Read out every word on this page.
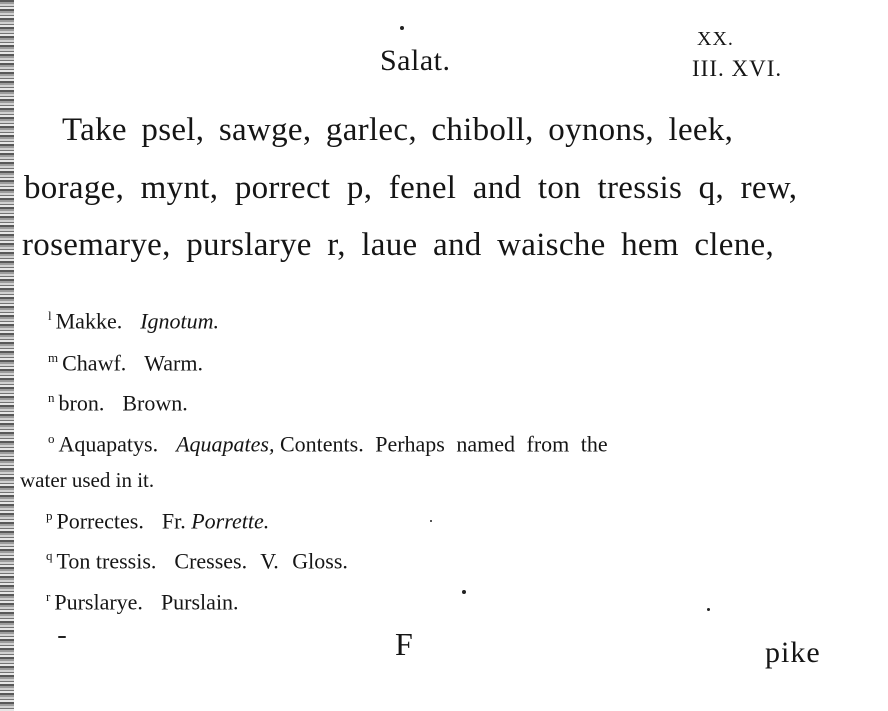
Salat.
XX.
III. XVI.
Take psel, sawge, garlec, chiboll, oynons, leek,
borage, mynt, porrect p, fenel and ton tressis q, rew,
rosemarye, purslarye r, laue and waische hem clene,
$^l$ Makke. Ignotum.
$^m$ Chawf. Warm.
$^n$ bron. Brown.
$^o$ Aquapatys. Aquapates, Contents. Perhaps named from the
water used in it.
$^p$ Porrectes. Fr. Porrette.
$^q$ Ton tressis. Cresses. V. Gloss.
$^r$ Purslarye. Purslain.
F	pike
